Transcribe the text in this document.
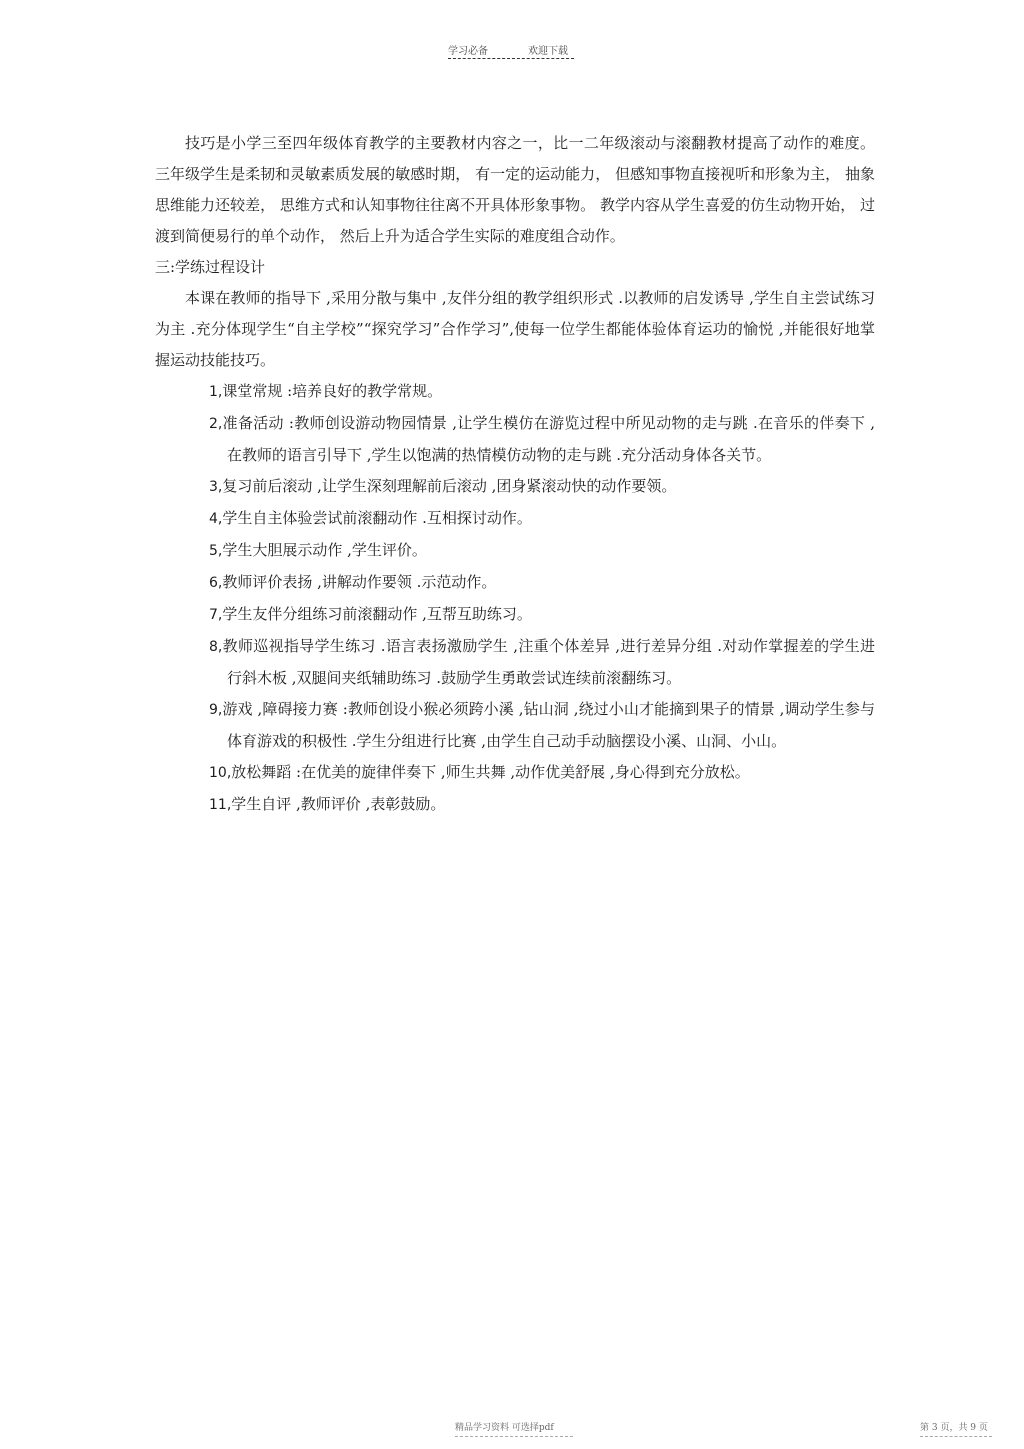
学习必备	欢迎下载

技巧是小学三至四年级体育教学的主要教材内容之一，比一二年级滚动与滚翻教材提高了动作的难度。 三年级学生是柔韧和灵敏素质发展的敏感时期， 有一定的运动能力， 但感知事物直接视听和形象为主， 抽象思维能力还较差， 思维方式和认知事物往往离不开具体形象事物。 教学内容从学生喜爱的仿生动物开始， 过渡到简便易行的单个动作， 然后上升为适合学生实际的难度组合动作。

三:学练过程设计

本课在教师的指导下 ,采用分散与集中 ,友伴分组的教学组织形式 .以教师的启发诱导 ,学生自主尝试练习为主 .充分体现学生“自主学校”“探究学习”合作学习”,使每一位学生都能体验体育运功的愉悦 ,并能很好地掌握运动技能技巧。

1,课堂常规 :培养良好的教学常规。
2,准备活动 :教师创设游动物园情景 ,让学生模仿在游览过程中所见动物的走与跳 .在音乐的伴奏下 ,在教师的语言引导下 ,学生以饱满的热情模仿动物的走与跳 .充分活动身体各关节。
3,复习前后滚动 ,让学生深刻理解前后滚动 ,团身紧滚动快的动作要领。
4,学生自主体验尝试前滚翻动作 .互相探讨动作。
5,学生大胆展示动作 ,学生评价。
6,教师评价表扬 ,讲解动作要领 .示范动作。
7,学生友伴分组练习前滚翻动作 ,互帮互助练习。
8,教师巡视指导学生练习 .语言表扬激励学生 ,注重个体差异 ,进行差异分组 .对动作掌握差的学生进行斜木板 ,双腿间夹纸辅助练习 .鼓励学生勇敢尝试连续前滚翻练习。
9,游戏 ,障碍接力赛 :教师创设小猴必须跨小溪 ,钻山洞 ,绕过小山才能摘到果子的情景 ,调动学生参与体育游戏的积极性 .学生分组进行比赛 ,由学生自己动手动脑摆设小溪、山洞、小山。
10,放松舞蹈 :在优美的旋律伴奏下 ,师生共舞 ,动作优美舒展 ,身心得到充分放松。
11,学生自评 ,教师评价 ,表彰鼓励。
精品学习资料 可选择pdf	第 3 页，共 9 页
